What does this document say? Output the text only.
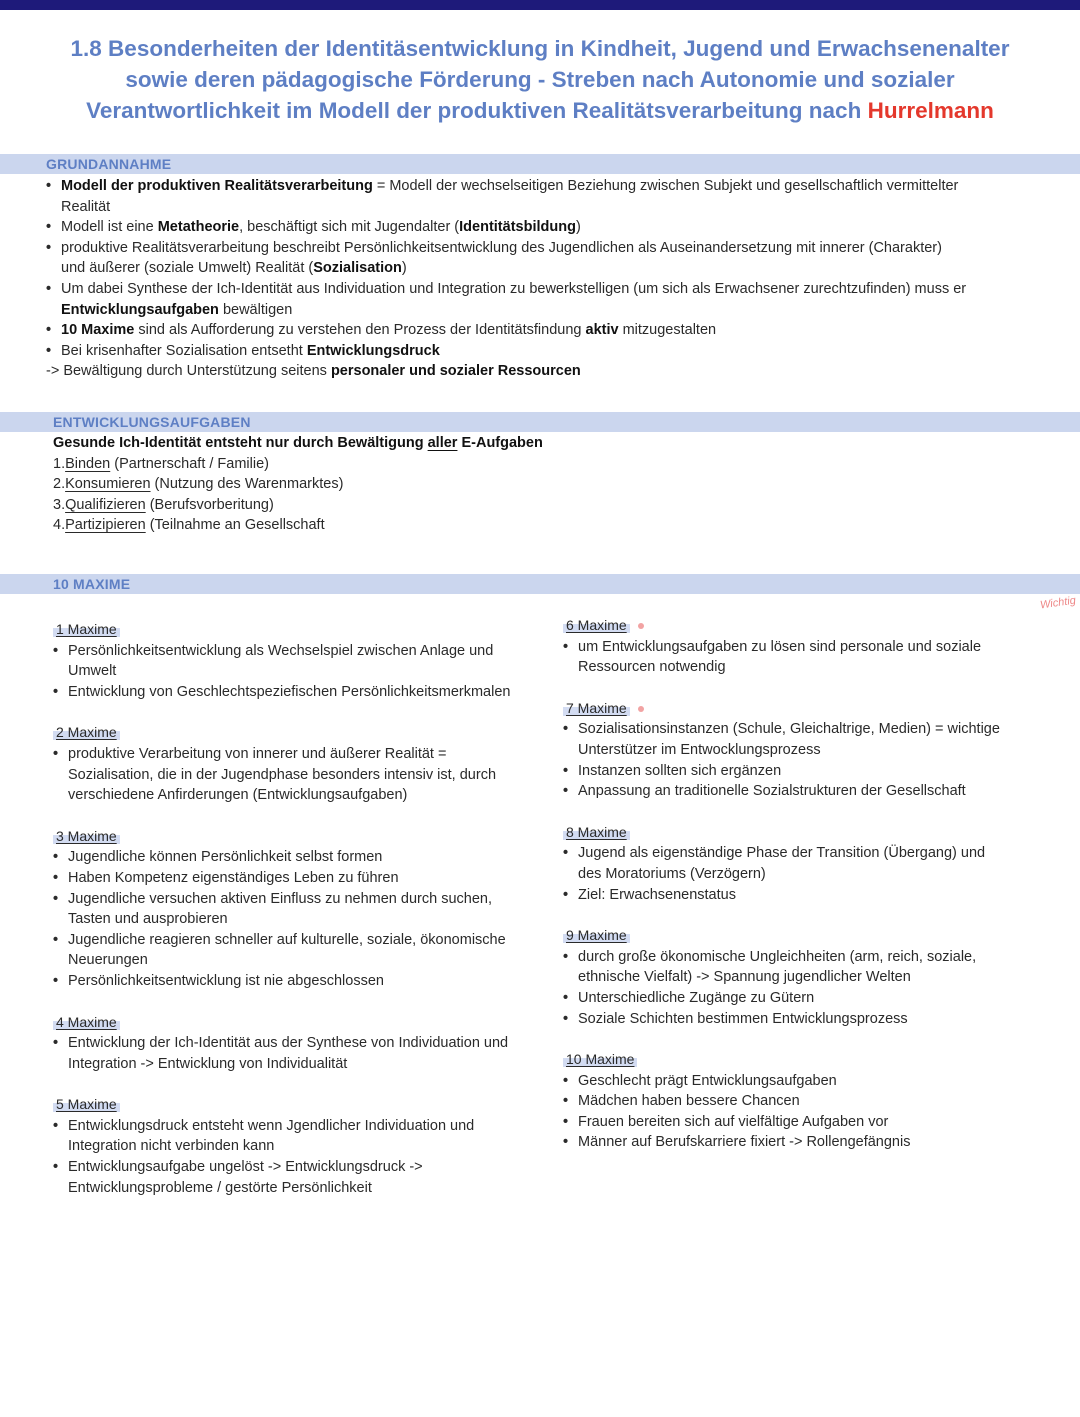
1.8 Besonderheiten der Identitäsentwicklung in Kindheit, Jugend und Erwachsenenalter
sowie deren pädagogische Förderung - Streben nach Autonomie und sozialer
Verantwortlichkeit im Modell der produktiven Realitätsverarbeitung nach Hurrelmann
GRUNDANNAHME
• Modell der produktiven Realitätsverarbeitung = Modell der wechselseitigen Beziehung zwischen Subjekt und gesellschaftlich vermittelter
Realität
• Modell ist eine Metatheorie, beschäftigt sich mit Jugendalter (Identitätsbildung)
• produktive Realitätsverarbeitung beschreibt Persönlichkeitsentwicklung des Jugendlichen als Auseinandersetzung mit innerer (Charakter)
und äußerer (soziale Umwelt) Realität (Sozialisation)
• Um dabei Synthese der Ich-Identität aus Individuation und Integration zu bewerkstelligen (um sich als Erwachsener zurechtzufinden) muss er
Entwicklungsaufgaben bewältigen
• 10 Maxime sind als Aufforderung zu verstehen den Prozess der Identitätsfindung aktiv mitzugestalten
• Bei krisenhafter Sozialisation entsetht Entwicklungsdruck
-> Bewältigung durch Unterstützung seitens personaler und sozialer Ressourcen
ENTWICKLUNGSAUFGABEN
Gesunde Ich-Identität entsteht nur durch Bewältigung aller E-Aufgaben
1.Binden (Partnerschaft / Familie)
2.Konsumieren (Nutzung des Warenmarktes)
3.Qualifizieren (Berufsvorberitung)
4.Partizipieren (Teilnahme an Gesellschaft
10 MAXIME
Wichtig
1 Maxime
• Persönlichkeitsentwicklung als Wechselspiel zwischen Anlage und
Umwelt
• Entwicklung von Geschlechtspeziefischen Persönlichkeitsmerkmalen
2 Maxime
• produktive Verarbeitung von innerer und äußerer Realität =
Sozialisation, die in der Jugendphase besonders intensiv ist, durch
verschiedene Anfirderungen (Entwicklungsaufgaben)
3 Maxime
• Jugendliche können Persönlichkeit selbst formen
• Haben Kompetenz eigenständiges Leben zu führen
• Jugendliche versuchen aktiven Einfluss zu nehmen durch suchen,
Tasten und ausprobieren
• Jugendliche reagieren schneller auf kulturelle, soziale, ökonomische
Neuerungen
• Persönlichkeitsentwicklung ist nie abgeschlossen
4 Maxime
• Entwicklung der Ich-Identität aus der Synthese von Individuation und
Integration -> Entwicklung von Individualität
5 Maxime
• Entwicklungsdruck entsteht wenn Jgendlicher Individuation und
Integration nicht verbinden kann
• Entwicklungsaufgabe ungelöst -> Entwicklungsdruck ->
Entwicklungsprobleme / gestörte Persönlichkeit
6 Maxime
• um Entwicklungsaufgaben zu lösen sind personale und soziale
Ressourcen notwendig
7 Maxime
• Sozialisationsinstanzen (Schule, Gleichaltrige, Medien) = wichtige
Unterstützer im Entwocklungsprozess
• Instanzen sollten sich ergänzen
• Anpassung an traditionelle Sozialstrukturen der Gesellschaft
8 Maxime
• Jugend als eigenständige Phase der Transition (Übergang) und
des Moratoriums (Verzögern)
• Ziel: Erwachsenenstatus
9 Maxime
• durch große ökonomische Ungleichheiten (arm, reich, soziale,
ethnische Vielfalt) -> Spannung jugendlicher Welten
• Unterschiedliche Zugänge zu Gütern
• Soziale Schichten bestimmen Entwicklungsprozess
10 Maxime
• Geschlecht prägt Entwicklungsaufgaben
• Mädchen haben bessere Chancen
• Frauen bereiten sich auf vielfältige Aufgaben vor
• Männer auf Berufskarriere fixiert -> Rollengefängnis
